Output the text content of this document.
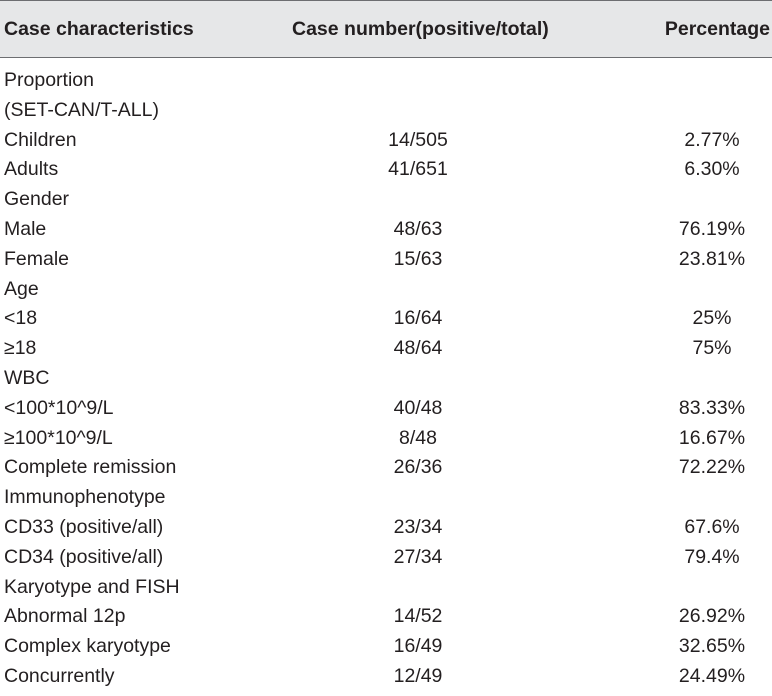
Case characteristics	Case number(positive/total)	Percentage
Proportion
(SET-CAN/T-ALL)
Children	14/505	2.77%
Adults	41/651	6.30%
Gender
Male	48/63	76.19%
Female	15/63	23.81%
Age
<18	16/64	25%
≥18	48/64	75%
WBC
<100*10^9/L	40/48	83.33%
≥100*10^9/L	8/48	16.67%
Complete remission	26/36	72.22%
Immunophenotype
CD33 (positive/all)	23/34	67.6%
CD34 (positive/all)	27/34	79.4%
Karyotype and FISH
Abnormal 12p	14/52	26.92%
Complex karyotype	16/49	32.65%
Concurrently	12/49	24.49%
